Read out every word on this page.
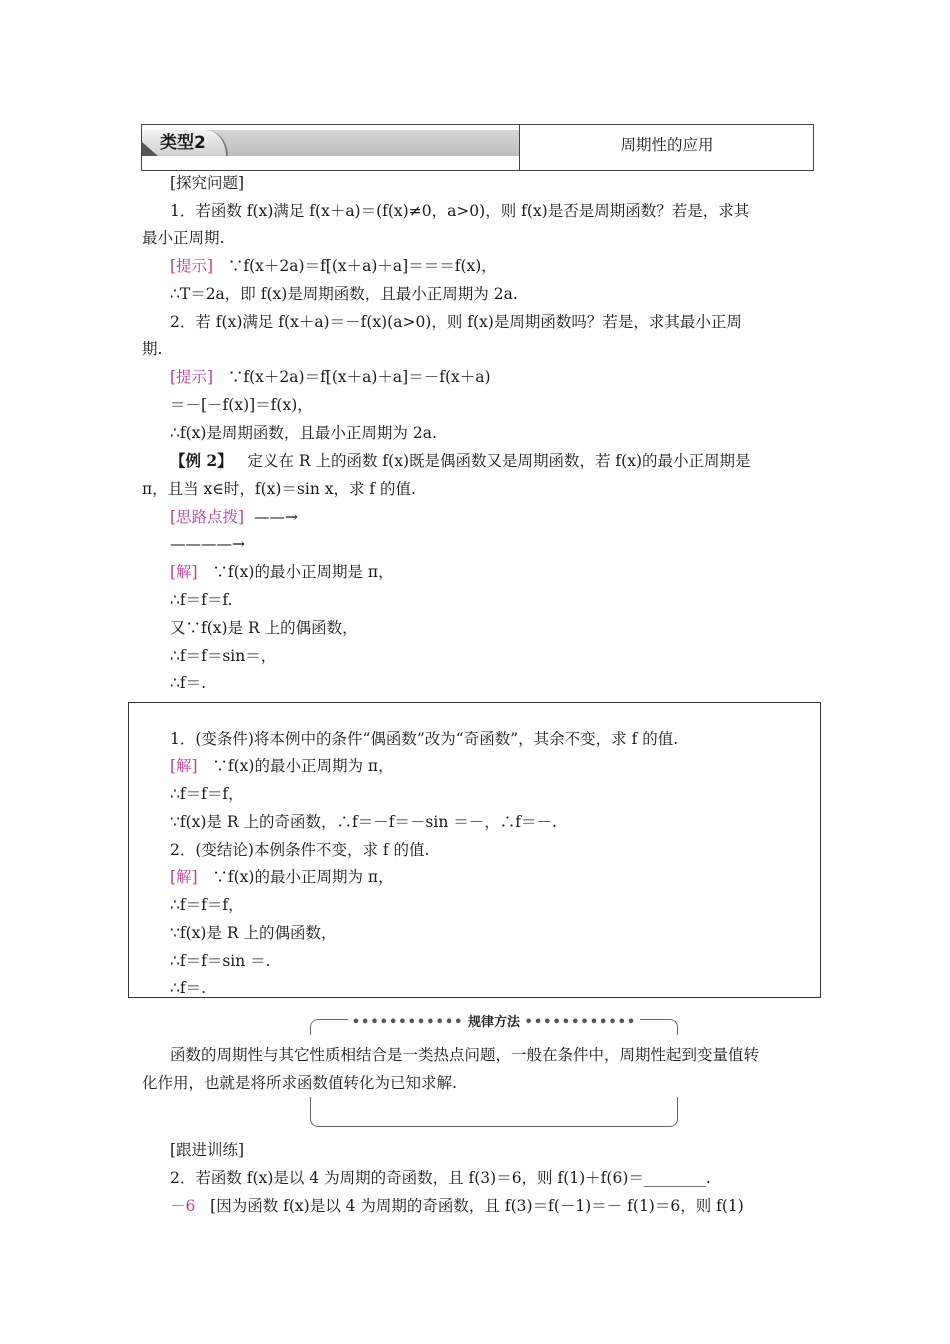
类型2	周期性的应用
[探究问题]
1．若函数 f(x)满足 f(x＋a)＝(f(x)≠0，a>0)，则 f(x)是否是周期函数？若是，求其
最小正周期.
[提示] ∵f(x＋2a)＝f[(x＋a)＋a]＝＝＝f(x)，
∴T＝2a，即 f(x)是周期函数，且最小正周期为 2a.
2．若 f(x)满足 f(x＋a)＝－f(x)(a>0)，则 f(x)是周期函数吗？若是，求其最小正周
期.
[提示] ∵f(x＋2a)＝f[(x＋a)＋a]＝－f(x＋a)
＝－[－f(x)]＝f(x)，
∴f(x)是周期函数，且最小正周期为 2a.
【例 2】 定义在 R 上的函数 f(x)既是偶函数又是周期函数，若 f(x)的最小正周期是
π，且当 x∈时，f(x)＝sin x，求 f 的值.
[思路点拨] ——→
————→
[解] ∵f(x)的最小正周期是 π，
∴f＝f＝f.
又∵f(x)是 R 上的偶函数，
∴f＝f＝sin＝，
∴f＝.
1．(变条件)将本例中的条件“偶函数”改为“奇函数”，其余不变，求 f 的值.
[解] ∵f(x)的最小正周期为 π，
∴f＝f＝f，
∵f(x)是 R 上的奇函数，∴f＝－f＝－sin ＝－，∴f＝－.
2．(变结论)本例条件不变，求 f 的值.
[解] ∵f(x)的最小正周期为 π，
∴f＝f＝f，
∵f(x)是 R 上的偶函数，
∴f＝f＝sin ＝.
∴f＝.
•••••••••••• 规律方法 ••••••••••••
函数的周期性与其它性质相结合是一类热点问题，一般在条件中，周期性起到变量值转
化作用，也就是将所求函数值转化为已知求解.
[跟进训练]
2．若函数 f(x)是以 4 为周期的奇函数，且 f(3)＝6，则 f(1)＋f(6)＝________.
－6 [因为函数 f(x)是以 4 为周期的奇函数，且 f(3)＝f(－1)＝－ f(1)＝6，则 f(1)
